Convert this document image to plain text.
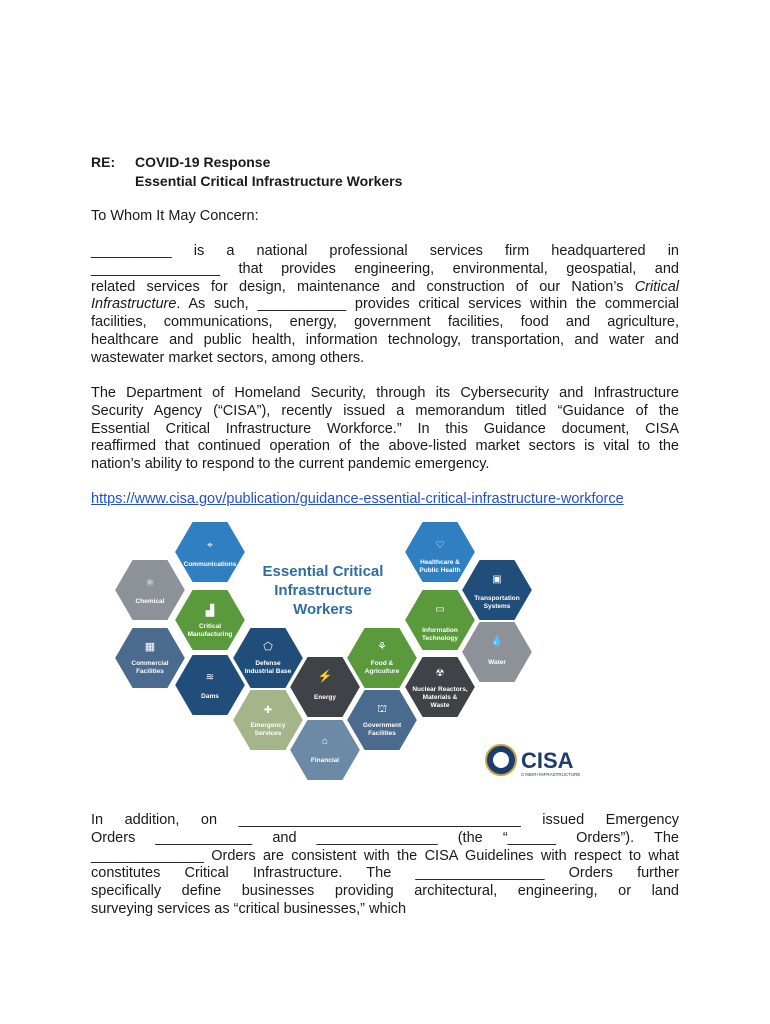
RE: COVID-19 Response
Essential Critical Infrastructure Workers
To Whom It May Concern:
__________ is a national professional services firm headquartered in
________________ that provides engineering, environmental, geospatial, and
related services for design, maintenance and construction of our Nation’s Critical
Infrastructure. As such, ___________ provides critical services within the commercial
facilities, communications, energy, government facilities, food and agriculture,
healthcare and public health, information technology, transportation, and water and
wastewater market sectors, among others.
The Department of Homeland Security, through its Cybersecurity and Infrastructure
Security Agency (“CISA”), recently issued a memorandum titled “Guidance of the
Essential Critical Infrastructure Workforce.” In this Guidance document, CISA
reaffirmed that continued operation of the above-listed market sectors is vital to the
nation’s ability to respond to the current pandemic emergency.
https://www.cisa.gov/publication/guidance-essential-critical-infrastructure-workforce
⌖
Communications
⚛
Chemical
▟
Critical
Manufacturing
▦
Commercial
Facilities
⬠
Defense
Industrial Base
≋
Dams
✚
Emergency
Services
⚡
Energy
⌂
Financial
Essential Critical
Infrastructure
Workers
♡
Healthcare &
Public Health
▣
Transportation
Systems
▭
Information
Technology	💧
Water
⚘
Food &
Agriculture	☢
Nuclear Reactors,
Materials &
Waste
⛫
Government
Facilities
CISA
CYBER+INFRASTRUCTURE
In addition, on ___________________________________ issued Emergency
Orders ____________ and _______________ (the “______ Orders”). The
______________ Orders are consistent with the CISA Guidelines with respect to what
constitutes Critical Infrastructure. The ________________ Orders further
specifically define businesses providing architectural, engineering, or land
surveying services as “critical businesses,” which
